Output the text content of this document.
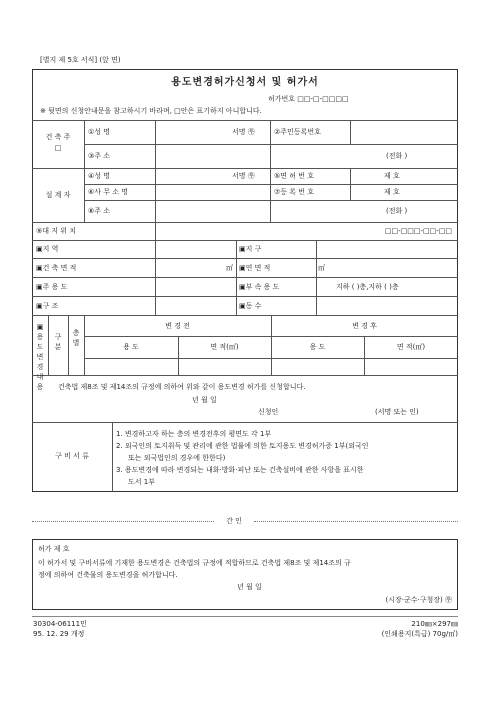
[별지 제 5호 서식] (앞 면)
용도변경허가신청서 및 허가서
허가번호 □□-□-□□□□
※ 뒷면의 신청안내문을 참고하시기 바라며, □안은 표기하지 아니합니다.
건 축 주
□
①성 명	서명 ㉾	②주민등록번호
③주 소	(전화 )
설 계 자
④성 명	서명 ㉾	⑤면 허 번 호	제 호
⑥사 무 소 명	⑦등 록 번 호	제 호
⑧주 소	(전화 )
⑨대 지 위 치	□□-□□□-□□-□□
▣지 역	▣지 구
▣건 축 면 적	㎡ ▣연 면 적	㎡
▣주 용 도	▣부 속 용 도	지하 ( )층,지하 ( )층
▣구 조	▣동 수
▣ 용 도 변 경 내 용
구 분
층 별
변 경 전	변 경 후
용 도	면 적(㎡)	용 도	면 적(㎡)
건축법 제8조 및 제14조의 규정에 의하여 위와 같이 용도변경 허가를 신청합니다.
년 월 일
신청인	(서명 또는 인)
구 비 서 류
1. 변경하고자 하는 층의 변경전후의 평면도 각 1부
2. 외국인의 토지취득 및 관리에 관한 법률에 의한 토지용도 변경허가증 1부(외국인
또는 외국법인의 경우에 한한다)
3. 용도변경에 따라 변경되는 내화·방화·피난 또는 건축설비에 관한 사항을 표시한
도서 1부
간 인
허가 제 호
이 허가서 및 구비서류에 기재한 용도변경은 건축법의 규정에 적합하므로 건축법 제8조 및 제14조의 규
정에 의하여 건축물의 용도변경을 허가합니다.
년 월 일
(시장·군수·구청장) ㉾
30304-06111민
95. 12. 29 개정
210㎜×297㎜
(인쇄용지(특급) 70g/㎡)
